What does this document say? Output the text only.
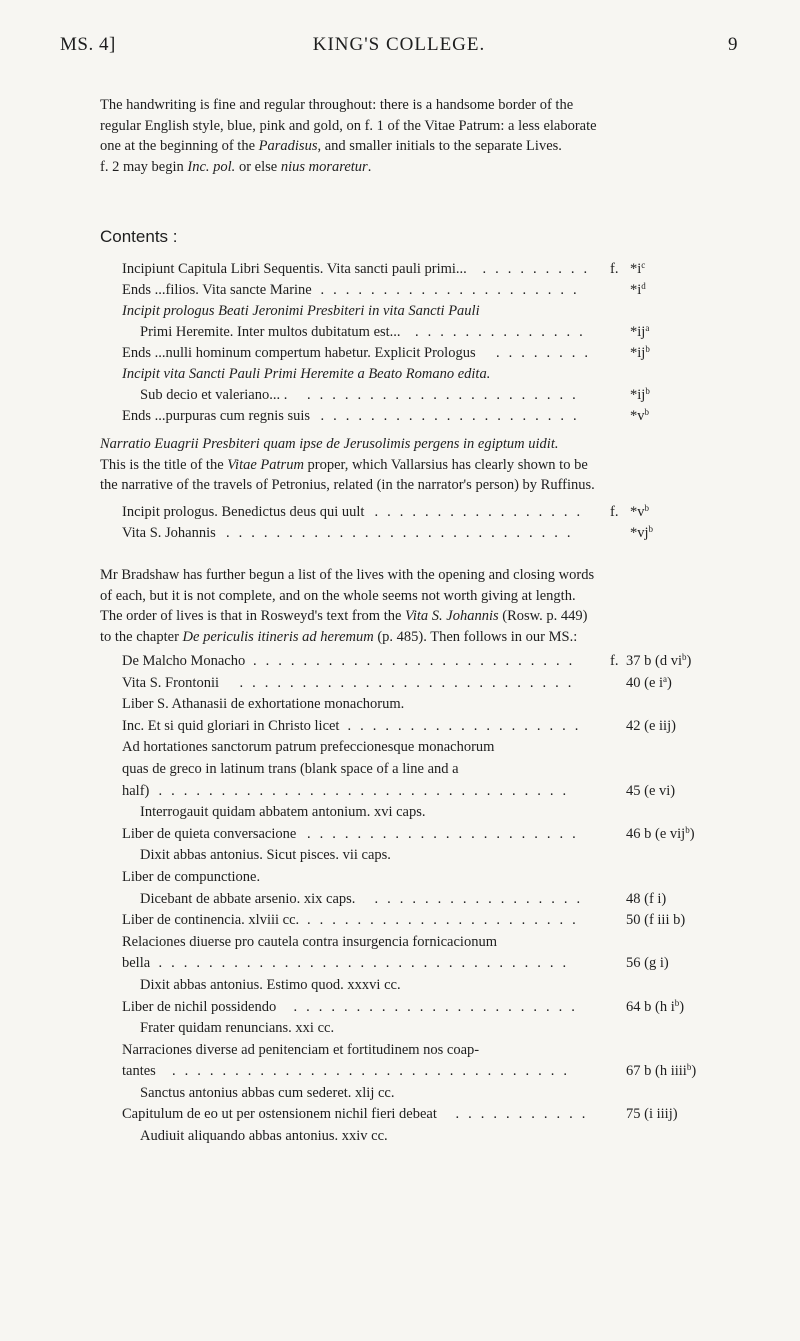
MS. 4]	KING'S COLLEGE.	9
The handwriting is fine and regular throughout: there is a handsome border of the
regular English style, blue, pink and gold, on f. 1 of the Vitae Patrum: a less elaborate
one at the beginning of the Paradisus, and smaller initials to the separate Lives.
f. 2 may begin Inc. pol. or else nius moraretur.
Contents :
Incipiunt Capitula Libri Sequentis. Vita sancti pauli primi...	$*i^c$
f.
.........
Ends ...filios. Vita sancte Marine	$*i^d$
.....................
Incipit prologus Beati Jeronimi Presbiteri in vita Sancti Pauli
Primi Heremite. Inter multos dubitatum est...	$*ij^a$
..............
Ends ...nulli hominum compertum habetur. Explicit Prologus	$*ij^b$
........
Incipit vita Sancti Pauli Primi Heremite a Beato Romano edita.
Sub decio et valeriano... .	$*ij^b$
......................
Ends ...purpuras cum regnis suis	$*v^b$
.....................
Narratio Euagrii Presbiteri quam ipse de Jerusolimis pergens in egiptum uidit.
This is the title of the Vitae Patrum proper, which Vallarsius has clearly shown to be
the narrative of the travels of Petronius, related (in the narrator's person) by Ruffinus.
Incipit prologus. Benedictus deus qui uult	$*v^b$
f.
.................
Vita S. Johannis	$*vj^b$
............................
Mr Bradshaw has further begun a list of the lives with the opening and closing words
of each, but it is not complete, and on the whole seems not worth giving at length.
The order of lives is that in Rosweyd's text from the Vita S. Johannis (Rosw. p. 449)
to the chapter De periculis itineris ad heremum (p. 485). Then follows in our MS.:
De Malcho Monacho	37 b (d $vi^b$)
f.
..........................
Vita S. Frontonii	40 (e $i^a$)
...........................
Liber S. Athanasii de exhortatione monachorum.
Inc. Et si quid gloriari in Christo licet	42 (e iij)
...................
Ad hortationes sanctorum patrum prefeccionesque monachorum
quas de greco in latinum trans (blank space of a line and a
half)	45 (e vi)
.................................
Interrogauit quidam abbatem antonium. xvi caps.
Liber de quieta conversacione	46 b (e vij$^b$)
......................
Dixit abbas antonius. Sicut pisces. vii caps.
Liber de compunctione.
Dicebant de abbate arsenio. xix caps.	48 (f i)
.................
Liber de continencia. xlviii cc.	50 (f iii b)
......................
Relaciones diuerse pro cautela contra insurgencia fornicacionum
bella	56 (g i)
.................................
Dixit abbas antonius. Estimo quod. xxxvi cc.
Liber de nichil possidendo	64 b (h $i^b$)
.......................
Frater quidam renuncians. xxi cc.
Narraciones diverse ad penitenciam et fortitudinem nos coap-
tantes	67 b (h iiii$^b$)
................................
Sanctus antonius abbas cum sederet. xlij cc.
Capitulum de eo ut per ostensionem nichil fieri debeat	75 (i iiij)
...........
Audiuit aliquando abbas antonius. xxiv cc.
